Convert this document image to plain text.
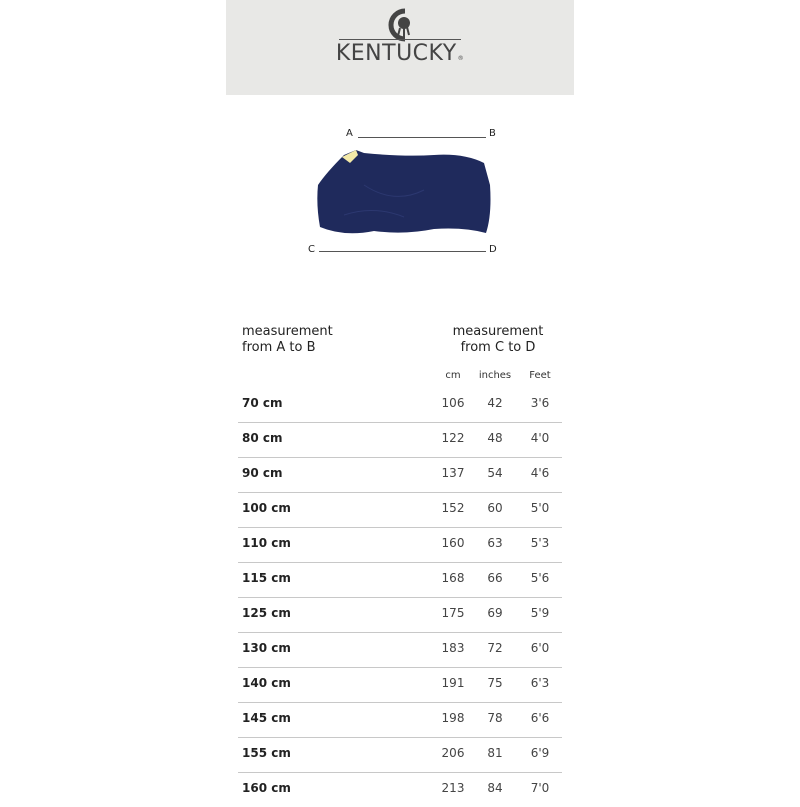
KENTUCKY®
A	B
C	D
measurement
from A to B
measurement
from C to D
cm	inches	Feet
70 cm	106	42	3'6
80 cm	122	48	4'0
90 cm	137	54	4'6
100 cm	152	60	5'0
110 cm	160	63	5'3
115 cm	168	66	5'6
125 cm	175	69	5'9
130 cm	183	72	6'0
140 cm	191	75	6'3
145 cm	198	78	6'6
155 cm	206	81	6'9
160 cm	213	84	7'0
